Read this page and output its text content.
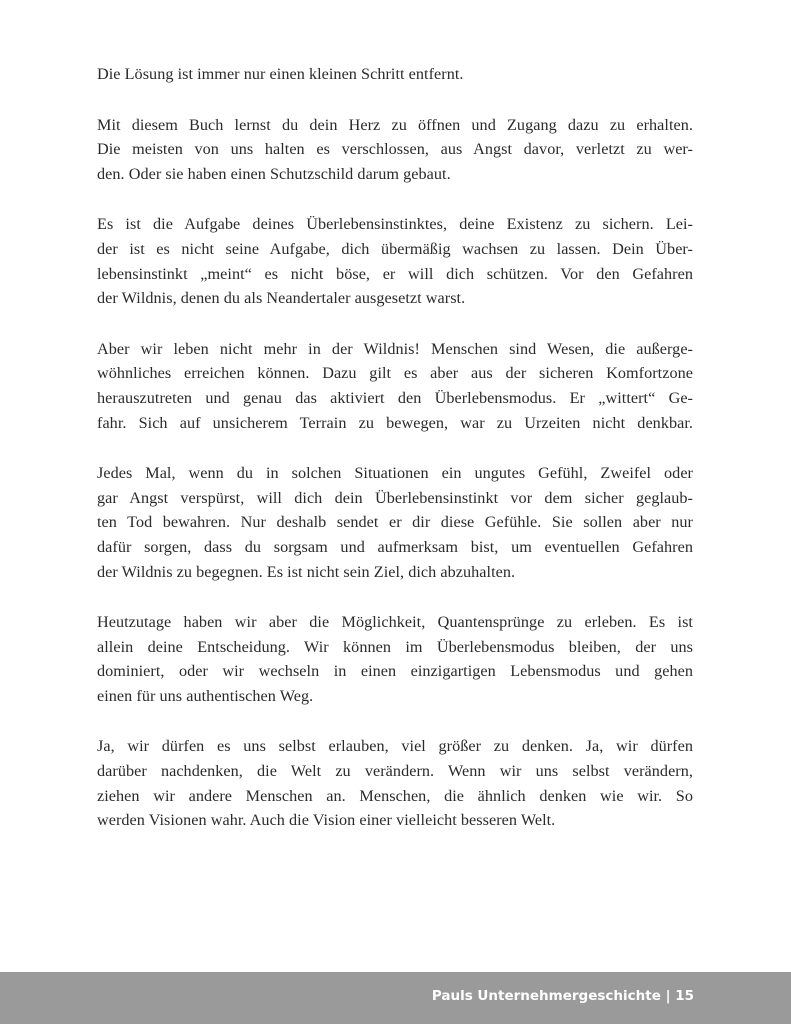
Die Lösung ist immer nur einen kleinen Schritt entfernt.

Mit diesem Buch lernst du dein Herz zu öffnen und Zugang dazu zu erhalten.
Die meisten von uns halten es verschlossen, aus Angst davor, verletzt zu wer-
den. Oder sie haben einen Schutzschild darum gebaut.

Es ist die Aufgabe deines Überlebensinstinktes, deine Existenz zu sichern. Lei-
der ist es nicht seine Aufgabe, dich übermäßig wachsen zu lassen. Dein Über-
lebensinstinkt „meint“ es nicht böse, er will dich schützen. Vor den Gefahren
der Wildnis, denen du als Neandertaler ausgesetzt warst.

Aber wir leben nicht mehr in der Wildnis! Menschen sind Wesen, die außerge-
wöhnliches erreichen können. Dazu gilt es aber aus der sicheren Komfortzone
herauszutreten und genau das aktiviert den Überlebensmodus. Er „wittert“ Ge-
fahr. Sich auf unsicherem Terrain zu bewegen, war zu Urzeiten nicht denkbar.

Jedes Mal, wenn du in solchen Situationen ein ungutes Gefühl, Zweifel oder
gar Angst verspürst, will dich dein Überlebensinstinkt vor dem sicher geglaub-
ten Tod bewahren. Nur deshalb sendet er dir diese Gefühle. Sie sollen aber nur
dafür sorgen, dass du sorgsam und aufmerksam bist, um eventuellen Gefahren
der Wildnis zu begegnen. Es ist nicht sein Ziel, dich abzuhalten.

Heutzutage haben wir aber die Möglichkeit, Quantensprünge zu erleben. Es ist
allein deine Entscheidung. Wir können im Überlebensmodus bleiben, der uns
dominiert, oder wir wechseln in einen einzigartigen Lebensmodus und gehen
einen für uns authentischen Weg.

Ja, wir dürfen es uns selbst erlauben, viel größer zu denken. Ja, wir dürfen
darüber nachdenken, die Welt zu verändern. Wenn wir uns selbst verändern,
ziehen wir andere Menschen an. Menschen, die ähnlich denken wie wir. So
werden Visionen wahr. Auch die Vision einer vielleicht besseren Welt.

Pauls Unternehmergeschichte | 15
